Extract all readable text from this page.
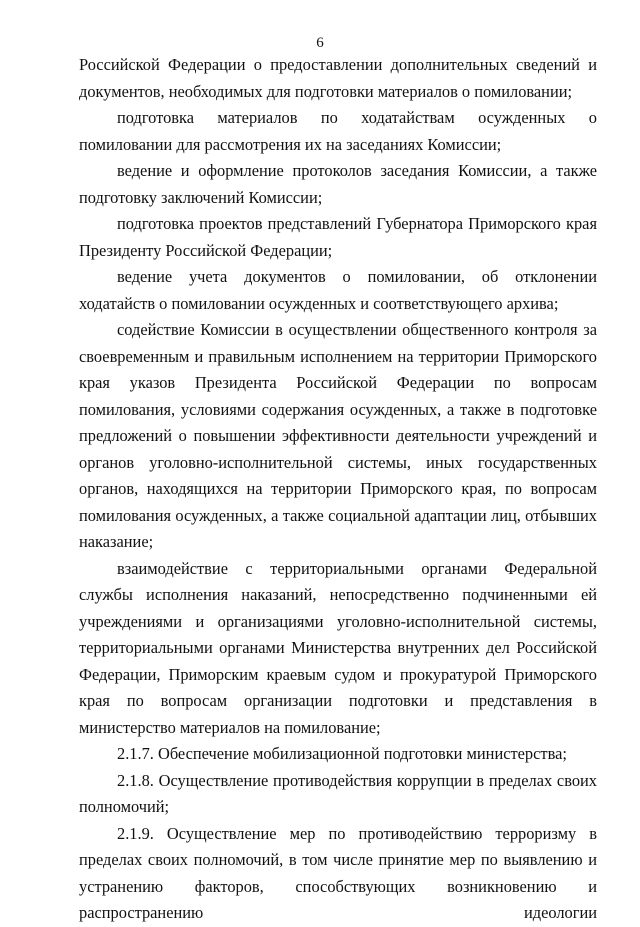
6

Российской Федерации о предоставлении дополнительных сведений и документов, необходимых для подготовки материалов о помиловании;

подготовка материалов по ходатайствам осужденных о помиловании для рассмотрения их на заседаниях Комиссии;

ведение и оформление протоколов заседания Комиссии, а также подготовку заключений Комиссии;

подготовка проектов представлений Губернатора Приморского края Президенту Российской Федерации;

ведение учета документов о помиловании, об отклонении ходатайств о помиловании осужденных и соответствующего архива;

содействие Комиссии в осуществлении общественного контроля за своевременным и правильным исполнением на территории Приморского края указов Президента Российской Федерации по вопросам помилования, условиями содержания осужденных, а также в подготовке предложений о повышении эффективности деятельности учреждений и органов уголовно-исполнительной системы, иных государственных органов, находящихся на территории Приморского края, по вопросам помилования осужденных, а также социальной адаптации лиц, отбывших наказание;

взаимодействие с территориальными органами Федеральной службы исполнения наказаний, непосредственно подчиненными ей учреждениями и организациями уголовно-исполнительной системы, территориальными органами Министерства внутренних дел Российской Федерации, Приморским краевым судом и прокуратурой Приморского края по вопросам организации подготовки и представления в министерство материалов на помилование;

2.1.7. Обеспечение мобилизационной подготовки министерства;

2.1.8. Осуществление противодействия коррупции в пределах своих полномочий;

2.1.9. Осуществление мер по противодействию терроризму в пределах своих полномочий, в том числе принятие мер по выявлению и устранению факторов, способствующих возникновению и распространению идеологии
